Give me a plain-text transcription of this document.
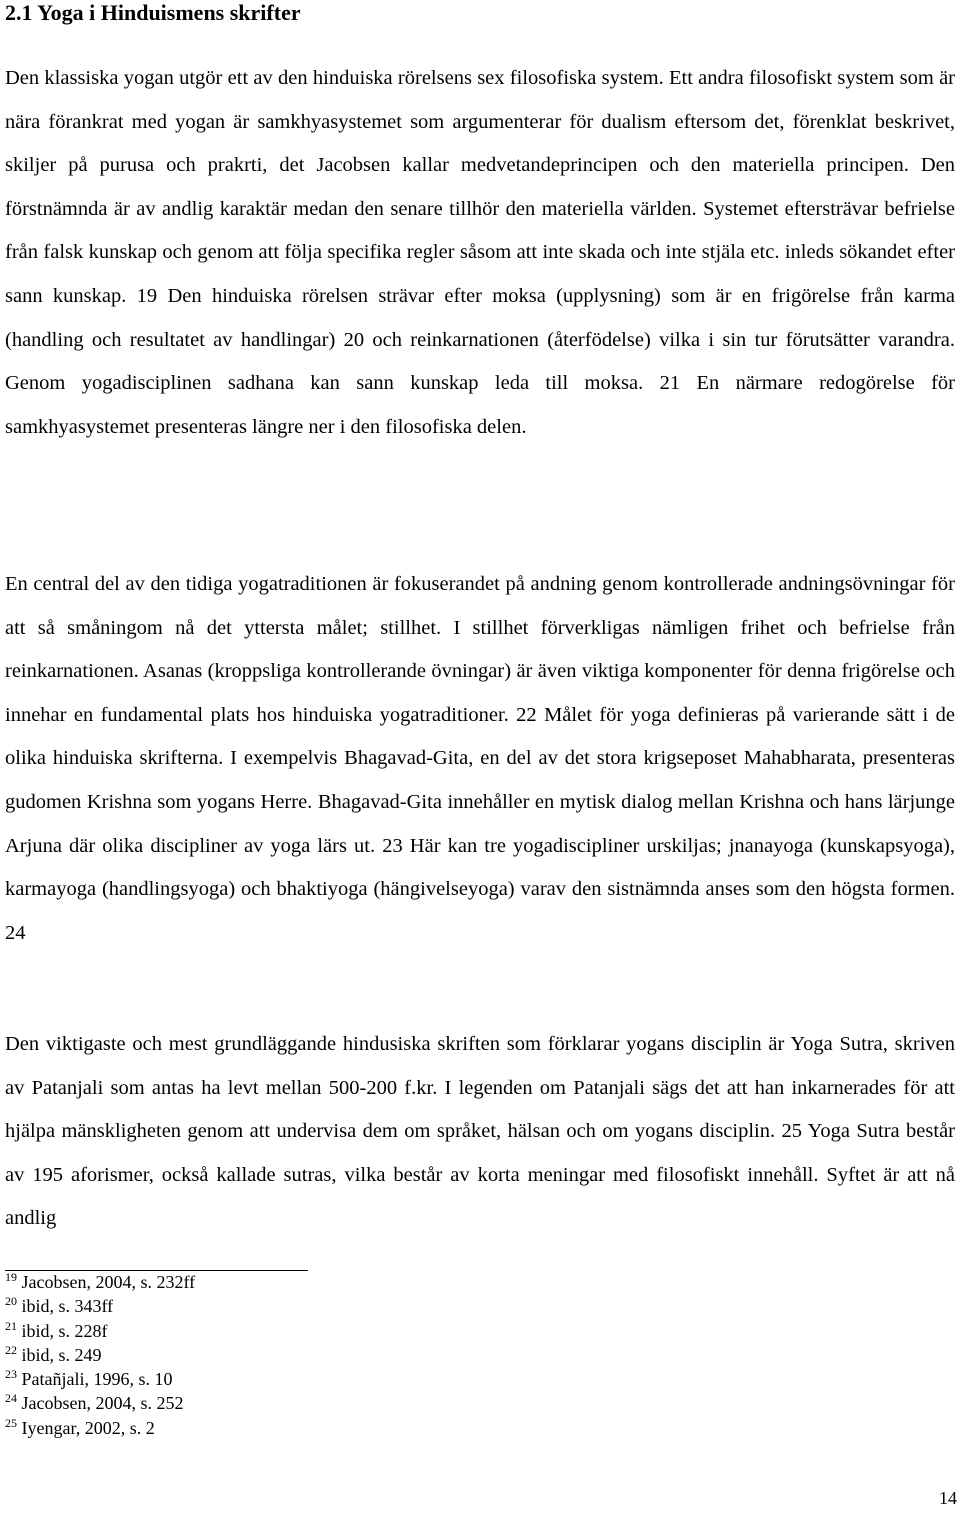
2.1 Yoga i Hinduismens skrifter

Den klassiska yogan utgör ett av den hinduiska rörelsens sex filosofiska system. Ett andra filosofiskt system som är nära förankrat med yogan är samkhyasystemet som argumenterar för dualism eftersom det, förenklat beskrivet, skiljer på purusa och prakrti, det Jacobsen kallar medvetandeprincipen och den materiella principen. Den förstnämnda är av andlig karaktär medan den senare tillhör den materiella världen. Systemet eftersträvar befrielse från falsk kunskap och genom att följa specifika regler såsom att inte skada och inte stjäla etc. inleds sökandet efter sann kunskap. 19 Den hinduiska rörelsen strävar efter moksa (upplysning) som är en frigörelse från karma (handling och resultatet av handlingar) 20 och reinkarnationen (återfödelse) vilka i sin tur förutsätter varandra. Genom yogadisciplinen sadhana kan sann kunskap leda till moksa. 21 En närmare redogörelse för samkhyasystemet presenteras längre ner i den filosofiska delen.

En central del av den tidiga yogatraditionen är fokuserandet på andning genom kontrollerade andningsövningar för att så småningom nå det yttersta målet; stillhet. I stillhet förverkligas nämligen frihet och befrielse från reinkarnationen. Asanas (kroppsliga kontrollerande övningar) är även viktiga komponenter för denna frigörelse och innehar en fundamental plats hos hinduiska yogatraditioner. 22 Målet för yoga definieras på varierande sätt i de olika hinduiska skrifterna. I exempelvis Bhagavad-Gita, en del av det stora krigseposet Mahabharata, presenteras gudomen Krishna som yogans Herre. Bhagavad-Gita innehåller en mytisk dialog mellan Krishna och hans lärjunge Arjuna där olika discipliner av yoga lärs ut. 23 Här kan tre yogadiscipliner urskiljas; jnanayoga (kunskapsyoga), karmayoga (handlingsyoga) och bhaktiyoga (hängivelseyoga) varav den sistnämnda anses som den högsta formen. 24

Den viktigaste och mest grundläggande hindusiska skriften som förklarar yogans disciplin är Yoga Sutra, skriven av Patanjali som antas ha levt mellan 500-200 f.kr. I legenden om Patanjali sägs det att han inkarnerades för att hjälpa mänskligheten genom att undervisa dem om språket, hälsan och om yogans disciplin. 25 Yoga Sutra består av 195 aforismer, också kallade sutras, vilka består av korta meningar med filosofiskt innehåll. Syftet är att nå andlig

$^{19}$ Jacobsen, 2004, s. 232ff

$^{20}$ ibid, s. 343ff

$^{21}$ ibid, s. 228f

$^{22}$ ibid, s. 249

$^{23}$ Patañjali, 1996, s. 10

$^{24}$ Jacobsen, 2004, s. 252

$^{25}$ Iyengar, 2002, s. 2

14
